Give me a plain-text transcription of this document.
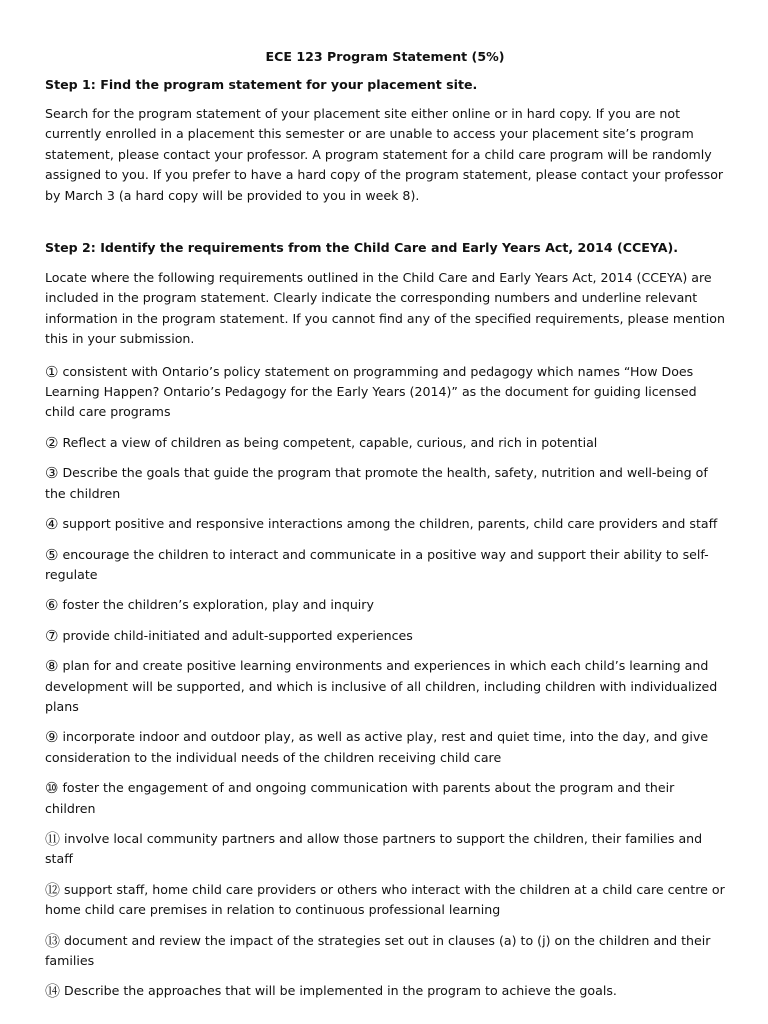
ECE 123 Program Statement (5%)

Step 1: Find the program statement for your placement site.

Search for the program statement of your placement site either online or in hard copy. If you are not currently enrolled in a placement this semester or are unable to access your placement site’s program statement, please contact your professor. A program statement for a child care program will be randomly assigned to you. If you prefer to have a hard copy of the program statement, please contact your professor by March 3 (a hard copy will be provided to you in week 8).

Step 2: Identify the requirements from the Child Care and Early Years Act, 2014 (CCEYA).

Locate where the following requirements outlined in the Child Care and Early Years Act, 2014 (CCEYA) are included in the program statement. Clearly indicate the corresponding numbers and underline relevant information in the program statement. If you cannot find any of the specified requirements, please mention this in your submission.

① consistent with Ontario’s policy statement on programming and pedagogy which names “How Does Learning Happen? Ontario’s Pedagogy for the Early Years (2014)” as the document for guiding licensed child care programs
② Reflect a view of children as being competent, capable, curious, and rich in potential
③ Describe the goals that guide the program that promote the health, safety, nutrition and well-being of the children
④ support positive and responsive interactions among the children, parents, child care providers and staff
⑤ encourage the children to interact and communicate in a positive way and support their ability to self-regulate
⑥ foster the children’s exploration, play and inquiry
⑦ provide child-initiated and adult-supported experiences
⑧ plan for and create positive learning environments and experiences in which each child’s learning and development will be supported, and which is inclusive of all children, including children with individualized plans
⑨ incorporate indoor and outdoor play, as well as active play, rest and quiet time, into the day, and give consideration to the individual needs of the children receiving child care
⑩ foster the engagement of and ongoing communication with parents about the program and their children
⑪ involve local community partners and allow those partners to support the children, their families and staff
⑫ support staff, home child care providers or others who interact with the children at a child care centre or home child care premises in relation to continuous professional learning
⑬ document and review the impact of the strategies set out in clauses (a) to (j) on the children and their families
⑭ Describe the approaches that will be implemented in the program to achieve the goals.
